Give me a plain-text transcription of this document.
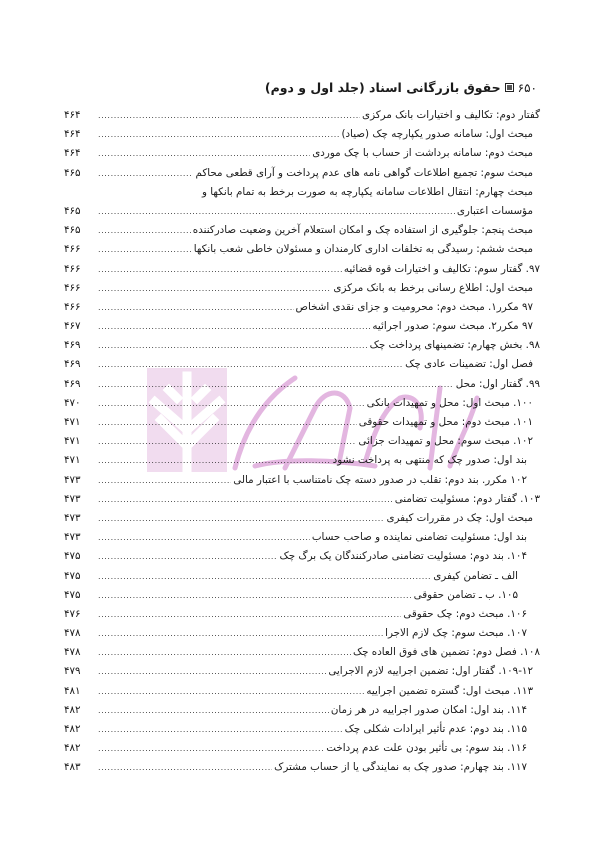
۶۵۰
حقوق بازرگانی اسناد (جلد اول و دوم)
گفتار دوم: تکالیف و اختیارات بانک مرکزی
.....
۴۶۴
مبحث اول: سامانه صدور یکپارچه چک (صیاد)
.....
۴۶۴
مبحث دوم: سامانه برداشت از حساب با چک موردی
.....
۴۶۴
مبحث سوم: تجمیع اطلاعات گواهی نامه های عدم پرداخت و آرای قطعی محاکم
.....
۴۶۵
مبحث چهارم: انتقال اطلاعات سامانه یکپارچه به صورت برخط به تمام بانکها و
مؤسسات اعتباری
.....
۴۶۵
مبحث پنجم: جلوگیری از استفاده چک و امکان استعلام آخرین وضعیت صادرکننده
.....
۴۶۵
مبحث ششم: رسیدگی به تخلفات اداری کارمندان و مسئولان خاطی شعب بانکها
.....
۴۶۶
۹۷. گفتار سوم: تکالیف و اختیارات قوه قضائیه
.....
۴۶۶
مبحث اول: اطلاع رسانی برخط به بانک مرکزی
.....
۴۶۶
۹۷ مکرر۱. مبحث دوم: محرومیت و جزای نقدی اشخاص
.....
۴۶۶
۹۷ مکرر۲. مبحث سوم: صدور اجرائیه
.....
۴۶۷
۹۸. بخش چهارم: تضمینهای پرداخت چک
.....
۴۶۹
فصل اول: تضمینات عادی چک
.....
۴۶۹
۹۹. گفتار اول: محل
.....
۴۶۹
۱۰۰. مبحث اول: محل و تمهیدات بانکی
.....
۴۷۰
۱۰۱. مبحث دوم: محل و تمهیدات حقوقی
.....
۴۷۱
۱۰۲. مبحث سوم: محل و تمهیدات جزائی
.....
۴۷۱
بند اول: صدور چک که منتهی به پرداخت نشود
.....
۴۷۱
۱۰۲ مکرر. بند دوم: تقلب در صدور دسته چک نامتناسب با اعتبار مالی
.....
۴۷۳
۱۰۳. گفتار دوم: مسئولیت تضامنی
.....
۴۷۳
مبحث اول: چک در مقررات کیفری
.....
۴۷۳
بند اول: مسئولیت تضامنی نماینده و صاحب حساب
.....
۴۷۳
۱۰۴. بند دوم: مسئولیت تضامنی صادرکنندگان یک برگ چک
.....
۴۷۵
الف ـ تضامن کیفری
.....
۴۷۵
۱۰۵. ب ـ تضامن حقوقی
.....
۴۷۵
۱۰۶. مبحث دوم: چک حقوقی
.....
۴۷۶
۱۰۷. مبحث سوم: چک لازم الاجرا
.....
۴۷۸
۱۰۸. فصل دوم: تضمین های فوق العاده چک
.....
۴۷۸
۱۰۹-۱۲. گفتار اول: تضمین اجراییه لازم الاجرایی
.....
۴۷۹
۱۱۳. مبحث اول: گستره تضمین اجراییه
.....
۴۸۱
۱۱۴. بند اول: امکان صدور اجراییه در هر زمان
.....
۴۸۲
۱۱۵. بند دوم: عدم تأثیر ایرادات شکلی چک
.....
۴۸۲
۱۱۶. بند سوم: بی تأثیر بودن علت عدم پرداخت
.....
۴۸۲
۱۱۷. بند چهارم: صدور چک به نمایندگی یا از حساب مشترک
.....
۴۸۳
